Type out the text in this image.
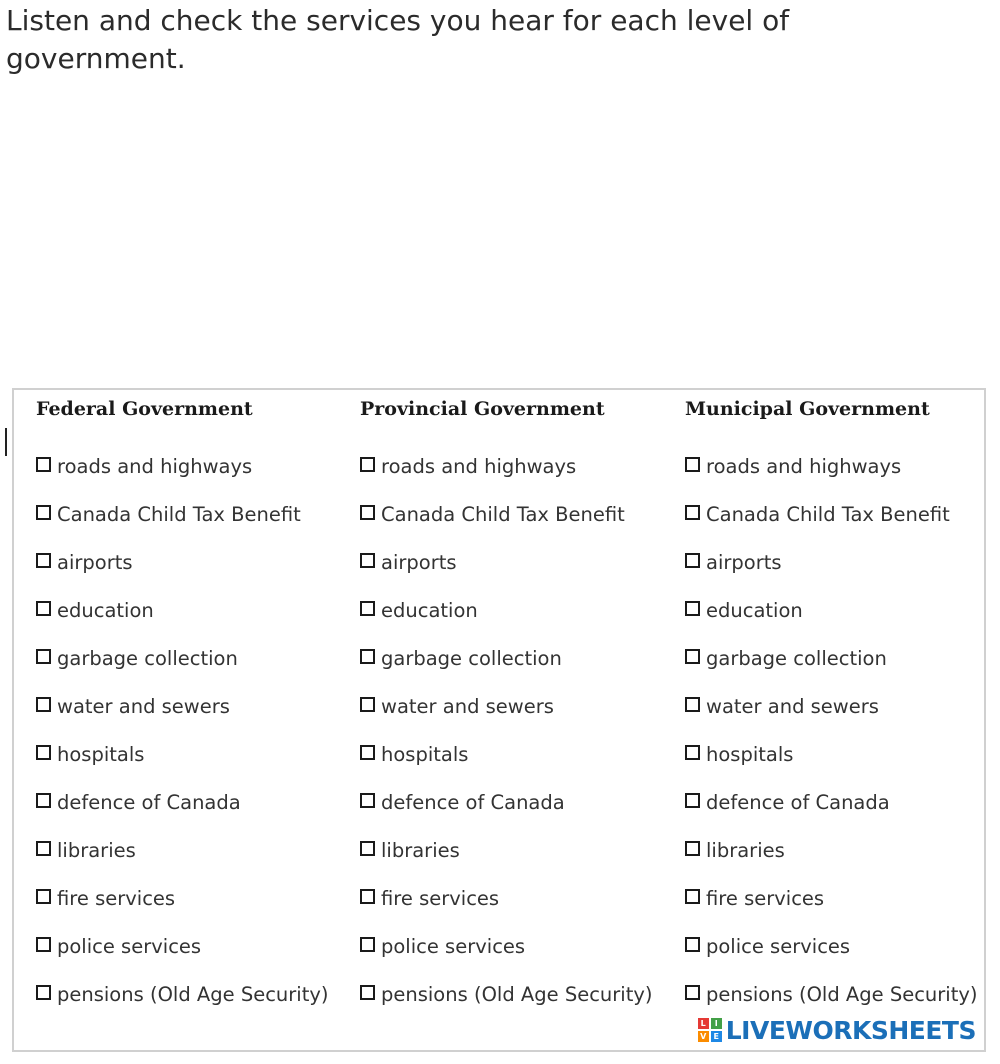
Listen and check the services you hear for each level of government.
Federal Government
roads and highways
Canada Child Tax Benefit
airports
education
garbage collection
water and sewers
hospitals
defence of Canada
libraries
fire services
police services
pensions (Old Age Security)
Provincial Government
roads and highways
Canada Child Tax Benefit
airports
education
garbage collection
water and sewers
hospitals
defence of Canada
libraries
fire services
police services
pensions (Old Age Security)
Municipal Government
roads and highways
Canada Child Tax Benefit
airports
education
garbage collection
water and sewers
hospitals
defence of Canada
libraries
fire services
police services
pensions (Old Age Security)
L	I
V E LIVEWORKSHEETS
